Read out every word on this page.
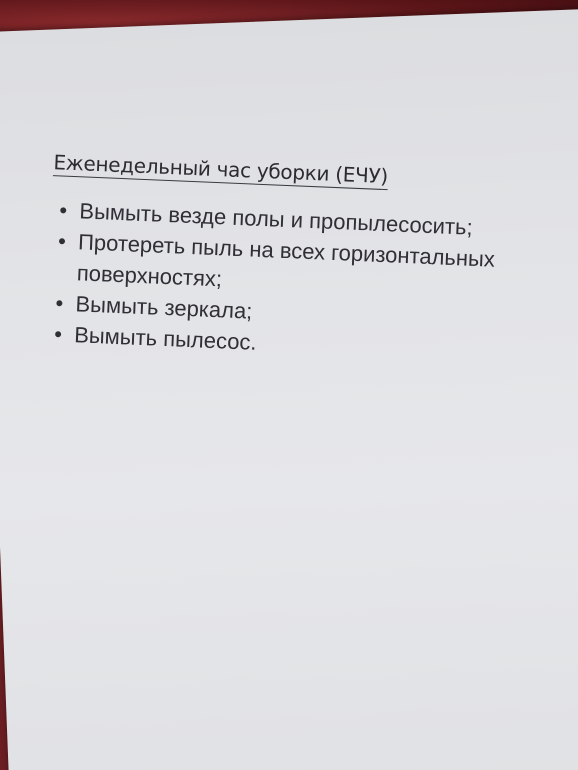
Еженедельный час уборки (ЕЧУ)
• Вымыть везде полы и пропылесосить;
• Протереть пыль на всех горизонтальных поверхностях;
• Вымыть зеркала;
• Вымыть пылесос.
